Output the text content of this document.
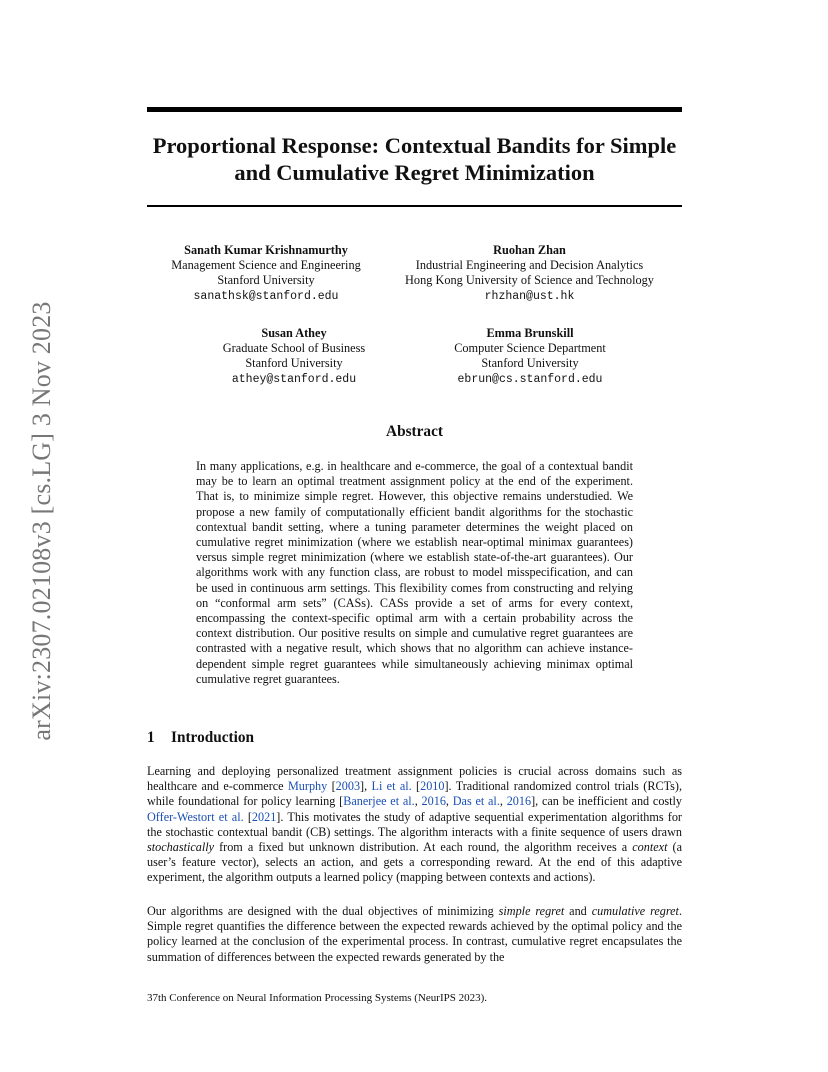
arXiv:2307.02108v3 [cs.LG] 3 Nov 2023
Proportional Response: Contextual Bandits for Simple and Cumulative Regret Minimization
Sanath Kumar Krishnamurthy
Management Science and Engineering
Stanford University
sanathsk@stanford.edu
Ruohan Zhan
Industrial Engineering and Decision Analytics
Hong Kong University of Science and Technology
rhzhan@ust.hk
Susan Athey
Graduate School of Business
Stanford University
athey@stanford.edu
Emma Brunskill
Computer Science Department
Stanford University
ebrun@cs.stanford.edu
Abstract
In many applications, e.g. in healthcare and e-commerce, the goal of a contextual bandit may be to learn an optimal treatment assignment policy at the end of the experiment. That is, to minimize simple regret. However, this objective remains understudied. We propose a new family of computationally efficient bandit algorithms for the stochastic contextual bandit setting, where a tuning parameter determines the weight placed on cumulative regret minimization (where we establish near-optimal minimax guarantees) versus simple regret minimization (where we establish state-of-the-art guarantees). Our algorithms work with any function class, are robust to model misspecification, and can be used in continuous arm settings. This flexibility comes from constructing and relying on “conformal arm sets” (CASs). CASs provide a set of arms for every context, encompassing the context-specific optimal arm with a certain probability across the context distribution. Our positive results on simple and cumulative regret guarantees are contrasted with a negative result, which shows that no algorithm can achieve instance-dependent simple regret guarantees while simultaneously achieving minimax optimal cumulative regret guarantees.
1 Introduction
Learning and deploying personalized treatment assignment policies is crucial across domains such as healthcare and e-commerce Murphy [2003], Li et al. [2010]. Traditional randomized control trials (RCTs), while foundational for policy learning [Banerjee et al., 2016, Das et al., 2016], can be inefficient and costly Offer-Westort et al. [2021]. This motivates the study of adaptive sequential experimentation algorithms for the stochastic contextual bandit (CB) settings. The algorithm interacts with a finite sequence of users drawn stochastically from a fixed but unknown distribution. At each round, the algorithm receives a context (a user’s feature vector), selects an action, and gets a corresponding reward. At the end of this adaptive experiment, the algorithm outputs a learned policy (mapping between contexts and actions).
Our algorithms are designed with the dual objectives of minimizing simple regret and cumulative regret. Simple regret quantifies the difference between the expected rewards achieved by the optimal policy and the policy learned at the conclusion of the experimental process. In contrast, cumulative regret encapsulates the summation of differences between the expected rewards generated by the
37th Conference on Neural Information Processing Systems (NeurIPS 2023).
